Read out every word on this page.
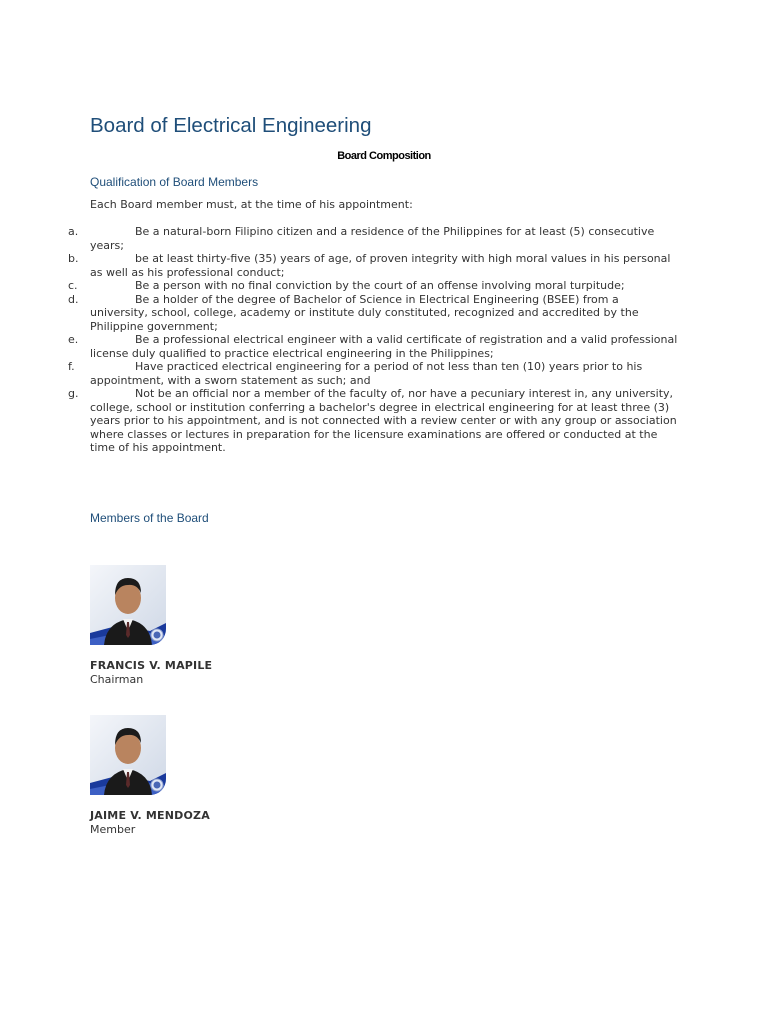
Board of Electrical Engineering
Board Composition
Qualification of Board Members

Each Board member must, at the time of his appointment:

a.	Be a natural-born Filipino citizen and a residence of the Philippines for at least (5) consecutive years;
b.	be at least thirty-five (35) years of age, of proven integrity with high moral values in his personal as well as his professional conduct;
c.	Be a person with no final conviction by the court of an offense involving moral turpitude;
d.	Be a holder of the degree of Bachelor of Science in Electrical Engineering (BSEE) from a university, school, college, academy or institute duly constituted, recognized and accredited by the Philippine government;
e.	Be a professional electrical engineer with a valid certificate of registration and a valid professional license duly qualified to practice electrical engineering in the Philippines;
f.	Have practiced electrical engineering for a period of not less than ten (10) years prior to his appointment, with a sworn statement as such; and
g.	Not be an official nor a member of the faculty of, nor have a pecuniary interest in, any university, college, school or institution conferring a bachelor's degree in electrical engineering for at least three (3) years prior to his appointment, and is not connected with a review center or with any group or association where classes or lectures in preparation for the licensure examinations are offered or conducted at the time of his appointment.
Members of the Board
FRANCIS V. MAPILE
Chairman
JAIME V. MENDOZA
Member
